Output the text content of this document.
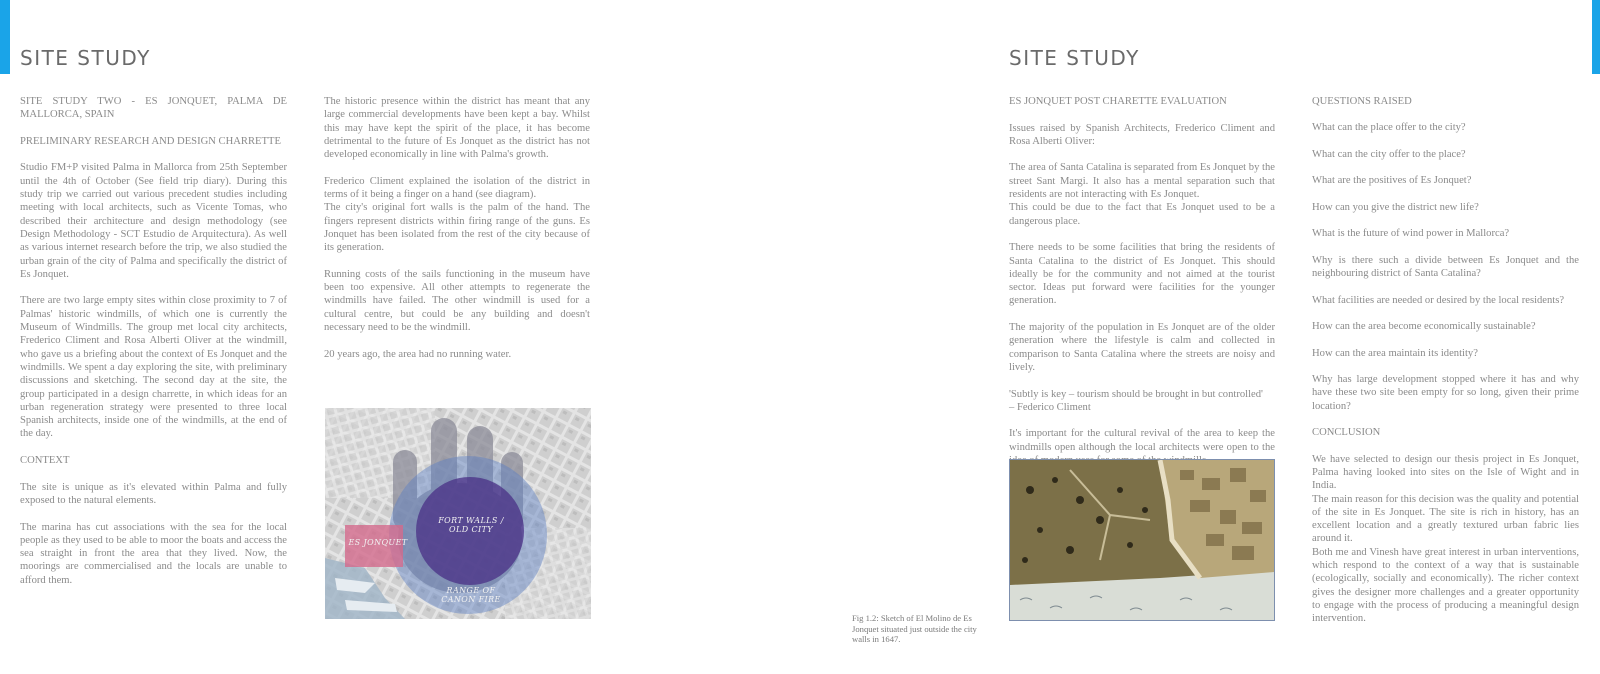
SITE STUDY

SITE STUDY TWO - ES JONQUET, PALMA DE MALLORCA, SPAIN

PRELIMINARY RESEARCH AND DESIGN CHARRETTE

Studio FM+P visited Palma in Mallorca from 25th September until the 4th of October (See field trip diary). During this study trip we carried out various precedent studies including meeting with local architects, such as Vicente Tomas, who described their architecture and design methodology (see Design Methodology - SCT Estudio de Arquitectura). As well as various internet research before the trip, we also studied the urban grain of the city of Palma and specifically the district of Es Jonquet.

There are two large empty sites within close proximity to 7 of Palmas' historic windmills, of which one is currently the Museum of Windmills. The group met local city architects, Frederico Climent and Rosa Alberti Oliver at the windmill, who gave us a briefing about the context of Es Jonquet and the windmills. We spent a day exploring the site, with preliminary discussions and sketching. The second day at the site, the group participated in a design charrette, in which ideas for an urban regeneration strategy were presented to three local Spanish architects, inside one of the windmills, at the end of the day.

CONTEXT

The site is unique as it's elevated within Palma and fully exposed to the natural elements.

The marina has cut associations with the sea for the local people as they used to be able to moor the boats and access the sea straight in front the area that they lived. Now, the moorings are commercialised and the locals are unable to afford them.

The historic presence within the district has meant that any large commercial developments have been kept a bay. Whilst this may have kept the spirit of the place, it has become detrimental to the future of Es Jonquet as the district has not developed economically in line with Palma's growth.

Frederico Climent explained the isolation of the district in terms of it being a finger on a hand (see diagram).

The city's original fort walls is the palm of the hand. The fingers represent districts within firing range of the guns. Es Jonquet has been isolated from the rest of the city because of its generation.

Running costs of the sails functioning in the museum have been too expensive. All other attempts to regenerate the windmills have failed. The other windmill is used for a cultural centre, but could be any building and doesn't necessary need to be the windmill.

20 years ago, the area had no running water.

FORT WALLS / OLD CITY
ES JONQUET
RANGE OF CANON FIRE

Fig 1.2: Sketch of El Molino de Es Jonquet situated just outside the city walls in 1647.

SITE STUDY

ES JONQUET POST CHARETTE EVALUATION

Issues raised by Spanish Architects, Frederico Climent and Rosa Alberti Oliver:

The area of Santa Catalina is separated from Es Jonquet by the street Sant Margi. It also has a mental separation such that residents are not interacting with Es Jonquet.

This could be due to the fact that Es Jonquet used to be a dangerous place.

There needs to be some facilities that bring the residents of Santa Catalina to the district of Es Jonquet. This should ideally be for the community and not aimed at the tourist sector. Ideas put forward were facilities for the younger generation.

The majority of the population in Es Jonquet are of the older generation where the lifestyle is calm and collected in comparison to Santa Catalina where the streets are noisy and lively.

'Subtly is key – tourism should be brought in but controlled'

– Federico Climent

It's important for the cultural revival of the area to keep the windmills open although the local architects were open to the

QUESTIONS RAISED

What can the place offer to the city?

What can the city offer to the place?

What are the positives of Es Jonquet?

How can you give the district new life?

What is the future of wind power in Mallorca?

Why is there such a divide between Es Jonquet and the neighbouring district of Santa Catalina?

What facilities are needed or desired by the local residents?

How can the area become economically sustainable?

How can the area maintain its identity?

Why has large development stopped where it has and why have these two site been empty for so long, given their prime location?

CONCLUSION

We have selected to design our thesis project in Es Jonquet, Palma having looked into sites on the Isle of Wight and in India.

The main reason for this decision was the quality and potential of the site in Es Jonquet. The site is rich in history, has an excellent location and a greatly textured urban fabric lies around it.

Both me and Vinesh have great interest in urban interventions, which respond to the context of a way that is sustainable (ecologically, socially and economically). The richer context gives the designer more challenges and a greater opportunity to engage with the process of producing a meaningful design intervention.
